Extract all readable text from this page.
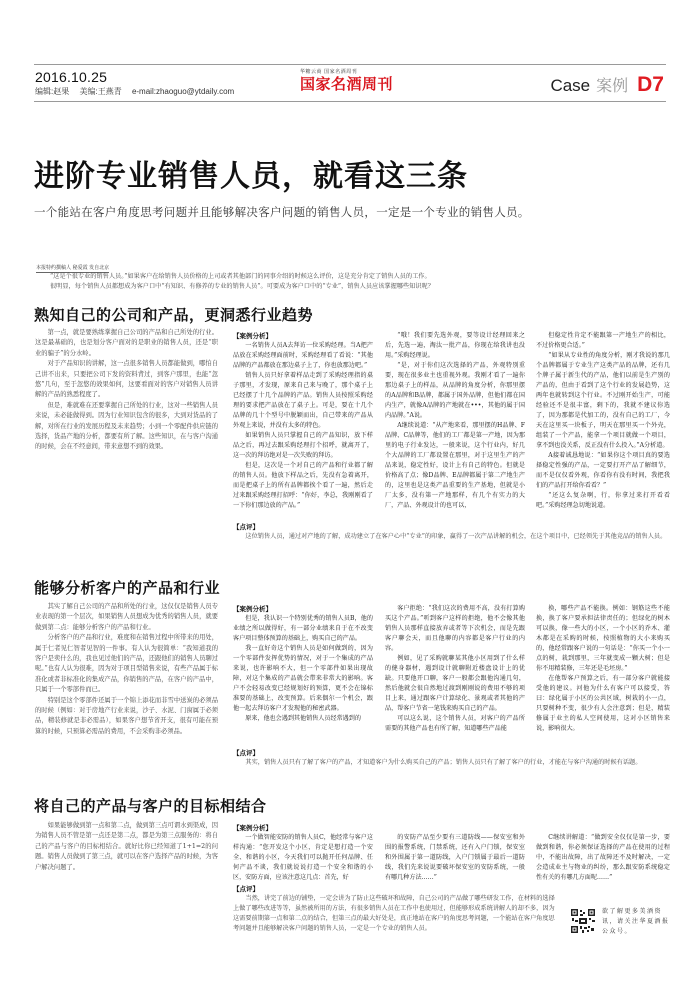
2016.10.25
编辑:赵果 美编:王燕青 e-mail:zhaoguo@ytdaily.com
华糖云商 国家名酒周刊
国家名酒周刊	Case 案例 D7
进阶专业销售人员，就看这三条
一个能站在客户角度思考问题并且能够解决客户问题的销售人员，一定是一个专业的销售人员。
本报特约撰稿人 秘爱霞 发自北京

“这是个很专业的销售人员。”如果客户在给销售人员价格的上司或者其他部门的同事介绍的时候这么评价，这是充分肯定了销售人员的工作。

很明显，每个销售人员都想成为客户口中“有知识、有修养的专业的销售人员”。可要成为客户口中的“专业”，销售人员应该掌握哪些知识呢？

熟知自己的公司和产品，更洞悉行业趋势

第一点，就是要熟练掌握自己公司的产品和自己所处的行业。这是最基础的，也是划分客户面对的是职业的销售人员，还是“职业的骗子”的分水岭。

对于产品知识的讲解，这一点很多销售人员都能做到，哪怕自己讲不出来，只要把公司下发的资料背过，到客户那里，也能“忽悠”几句，至于忽悠的效果如何，这要看面对的客户对销售人员讲解的产品的熟悉程度了。

但是，难就难在还要掌握自己所处的行业，这对一些销售人员来说，未必能做得到。因为行业知识包含的很多，大到对货品的了解，对所在行业的发展历程及未来趋势；小到一个零配件供应链的选择，货品产地的分析，都要有所了解。这些知识，在与客户沟通的时候，会在不经意间，带来意想不到的效果。

【案例分析】

一名销售人员A去拜访一位采购经理。当A把产品放在采购经理面前时，采购经理看了看说：“其他品牌的产品都放在那边桌子上了，你也放那边吧。”

销售人员只好拿着样品走到了采购经理指的桌子那里，才发现，原来自己来与晚了，那个桌子上已经摆了十几个品牌的产品。销售人员按照采购经理的要求把产品放在了桌子上。可是，要在十几个品牌的几十个型号中脱颖而出，自己带来的产品从外观上来说，并没有太多的特色。

如果销售人员只掌握自己的产品知识，放下样品之后，再过去跟采购经理打个招呼，就离开了，这一次的拜访绝对是一次失败的拜访。

但是，这次是一个对自己的产品和行业都了解的销售人员。他放下样品之后，先没有急着离开，而是把桌子上的所有品牌都挨个看了一遍，然后走过来跟采购经理打招呼：“你好，李总，我刚刚看了一下你们那边放的产品。”

“哦！我们要先选外观，要等设计经理回来之后，先选一遍，淘汰一批产品，你现在给我讲也没用。”采购经理说。

“是，对于你们这次选择的产品，外观特别重要，现在很多业主也重视外观。我刚才看了一遍你那边桌子上的样品，从品牌的角度分析，你那里摆的A品牌和B品牌，都属于国外品牌，但他们都在国内生产，就像A品牌的产地就在•••，其他的属于国内品牌。”A说。

A继续说道：“从产地来看，那里摆的H品牌、F品牌、C品牌等，他们的工厂都是第一产地，因为那里的电子行业发达，一般来说，这个行业内，好几个大品牌的工厂都设置在那里，对于这里生产的产品来说，稳定性好，设计上有自己的特色。但就是价格高了点；像D品牌、E品牌都属于第二产地生产的，这里也是这类产品重要的生产基地，但就是小厂太多，没有第一产地那样，有几个有实力的大厂，产品、外观设计的也可以，

但稳定性肯定不能跟第一产地生产的相比，不过价格更合适。”

“如果从专业性的角度分析，刚才我说的那几个品牌都属于专业生产这类产品的品牌，还有几个牌子属于新生代的产品，他们以前是生产别的产品的，但由于看到了这个行业的发展趋势，这两年也就转到这个行业。不过刚开始生产，可能经验还不是很丰富，剩下的，我就不建议你选了，因为那都是代加工的，没有自己的工厂，今天在这里买一块板子，明天在那里买一个外壳，组装了一个产品，能拿一个项目就做一个项目，拿不到也没关系，反正没有什么投入。”A分析道。

A接着诚恳地说：“如果你这个项目真的要选择稳定性强的产品，一定要打开产品了解细节，而不是仅仅看外观，你看你有没有时间，我把我们的产品打开给你看看？”

“还这么复杂啊，行，你拿过来打开看看吧。”采购经理急切地说道。

【点评】
这位销售人员，通过对产地的了解，成功建立了在客户心中“专业”的印象，赢得了一次产品讲解的机会，在这个项目中，已经领先于其他竞品的销售人员。
能够分析客户的产品和行业

其实了解自己公司的产品和所处的行业，这仅仅是销售人员专业表现的第一个层次，如果销售人员想成为优秀的销售人员，就要做到第二点：能够分析客户的产品和行业。

分析客户的产品和行业，难度和在销售过程中所带来的用处，属于仁者见仁智者见智的一件事。有人认为很简单：“我知道我的客户是卖什么的，我也见过他们的产品，还跟他们的销售人员聊过呢。”也有人认为很难，因为对于项目型销售来说，有些产品属于标准化或者非标准化的集成产品，你销售的产品，在客户的产品中，只属于一个零部件而已。

特别是这个零部件还属于一个锦上添花而非雪中送炭的必须品的时候（例如：对于房地产行业来说，沙子、水泥、门窗属于必须品，精装修就是非必需品），如果客户想节省开支，很有可能在预算的时候，只预算必需品的费用，不会采购非必须品。

【案例分析】

但是，我认识一个特别优秀的销售人员B，他的业绩之所以做得好，有一部分业绩来自于在不改变客户项目整体预算的基础上，购买自己的产品。

我一直好奇这个销售人员是如何做到的，因为一个零部件发挥优势的情况，对于一个集成的产品来说，也许影响不大，但一个零部件如果出现故障，对这个集成的产品就会带来非常大的影响。客户不会轻易改变已经规划好的预算，更不会在锦标准要的基础上，改变预算。后来偶尔一个机会，跟他一起去拜访客户才发现他的秘密武器。

原来，他也会遇到其他销售人员经常遇到的

客户拒绝：“我们这次的费用不高，没有打算购买这个产品。”听到客户这样的拒绝，他不会像其他销售人员那样直接放弃或者等下次机会，而是先跟客户聊会天，而且他聊的内容都是客户行业的内容。

例如，见了采购就聊某其他小区用到了什么样的健身器材，遇到设计就聊附近楼盘设计上的优缺。只要他开口聊，客户一般都会跟他沟通几句，然后他就会很自然地过渡到刚刚说的费用不够的项目上来，通过跟客户计算绿化、景观或者其他的产品，帮客户节省一笔钱来购买自己的产品。

可以这么说，这个销售人员，对客户的产品所需要的其他产品也有所了解，知道哪些产品能

换，哪些产品不能换。例如：钢筋这些不能换，换了客户要承担法律责任的；但绿化的树木可以换，像一些大的小区，一个小区的乔木、灌木都是在采购的时候，按照植物的大小来购买的，他经常跟客户说的一句话是：“你买一个小一点的树，栽到那里，三年就变成一颗大树；但是你不用精装修，三年还是毛坯房。”

在他帮客户预算之后，有一部分客户就能接受他的建议。河他为什么有客户可以接受，答曰：绿化属于小区的公共区域，树栽的小一点，只要树种不变，很少有人会注意到；但是，精装修属于业主的私人空间使用，这对小区销售来说，影响很大。

【点评】
其实，销售人员只有了解了客户的产品，才知道客户为什么购买自己的产品；销售人员只有了解了客户的行业，才能在与客户沟通的时候有话题。
将自己的产品与客户的目标相结合

如果能够做到第一点和第二点，做到第三点可谓水到渠成，因为销售人员不管是第一点还是第二点，都是为第三点服务的：将自己的产品与客户的目标相结合。就好比你已经知道了1+1=2的问题。销售人员做到了第三点，就可以在客户选择产品的时候，为客户解决问题了。

【案例分析】

一个做智能安防的销售人员C，他经常与客户这样沟通：“您开发这个小区，肯定是想打造一个安全、和谐的小区，今天我们可以抛开任何品牌、任何产品不谈，我们就说说打造一个安全和谐的小区，安防方面，应该注意这几点：首先，好

的安防产品至少要有三道防线——保安室和外围的报警系统，门禁系统，还有入户门锁，保安室和外围属于第一道防线，入户门锁属于最后一道防线，我们先来说说要破坏保安室的安防系统，一般有哪几种方法……”

C继续讲解道：“做到安全仅仅是第一步，要做到和谐，你必须保证选择的产品在使用的过程中，不能出故障，出了故障还不及时解决，一定会造成业主与物业的纠纷，那么跟安防系统稳定性有关的有哪几方面呢……”

【点评】
当然，讲完了前边的铺垫，一定会讲为了防止这些破坏和故障，自己公司的产品做了哪些研发工作，在材料的选择上做了哪些改进等等，虽然被所用的方法，有很多销售人员在工作中也使用过，但能够形成系统讲解人的却不多，因为这需要前期第一点和第二点的结合，但第三点的最大好处是，真正地站在客户的角度思考问题，一个能站在客户角度思考问题并且能够解决客户问题的销售人员，一定是一个专业的销售人员。
欲了解更多美酒资讯，请关注华夏酒报公众号。
